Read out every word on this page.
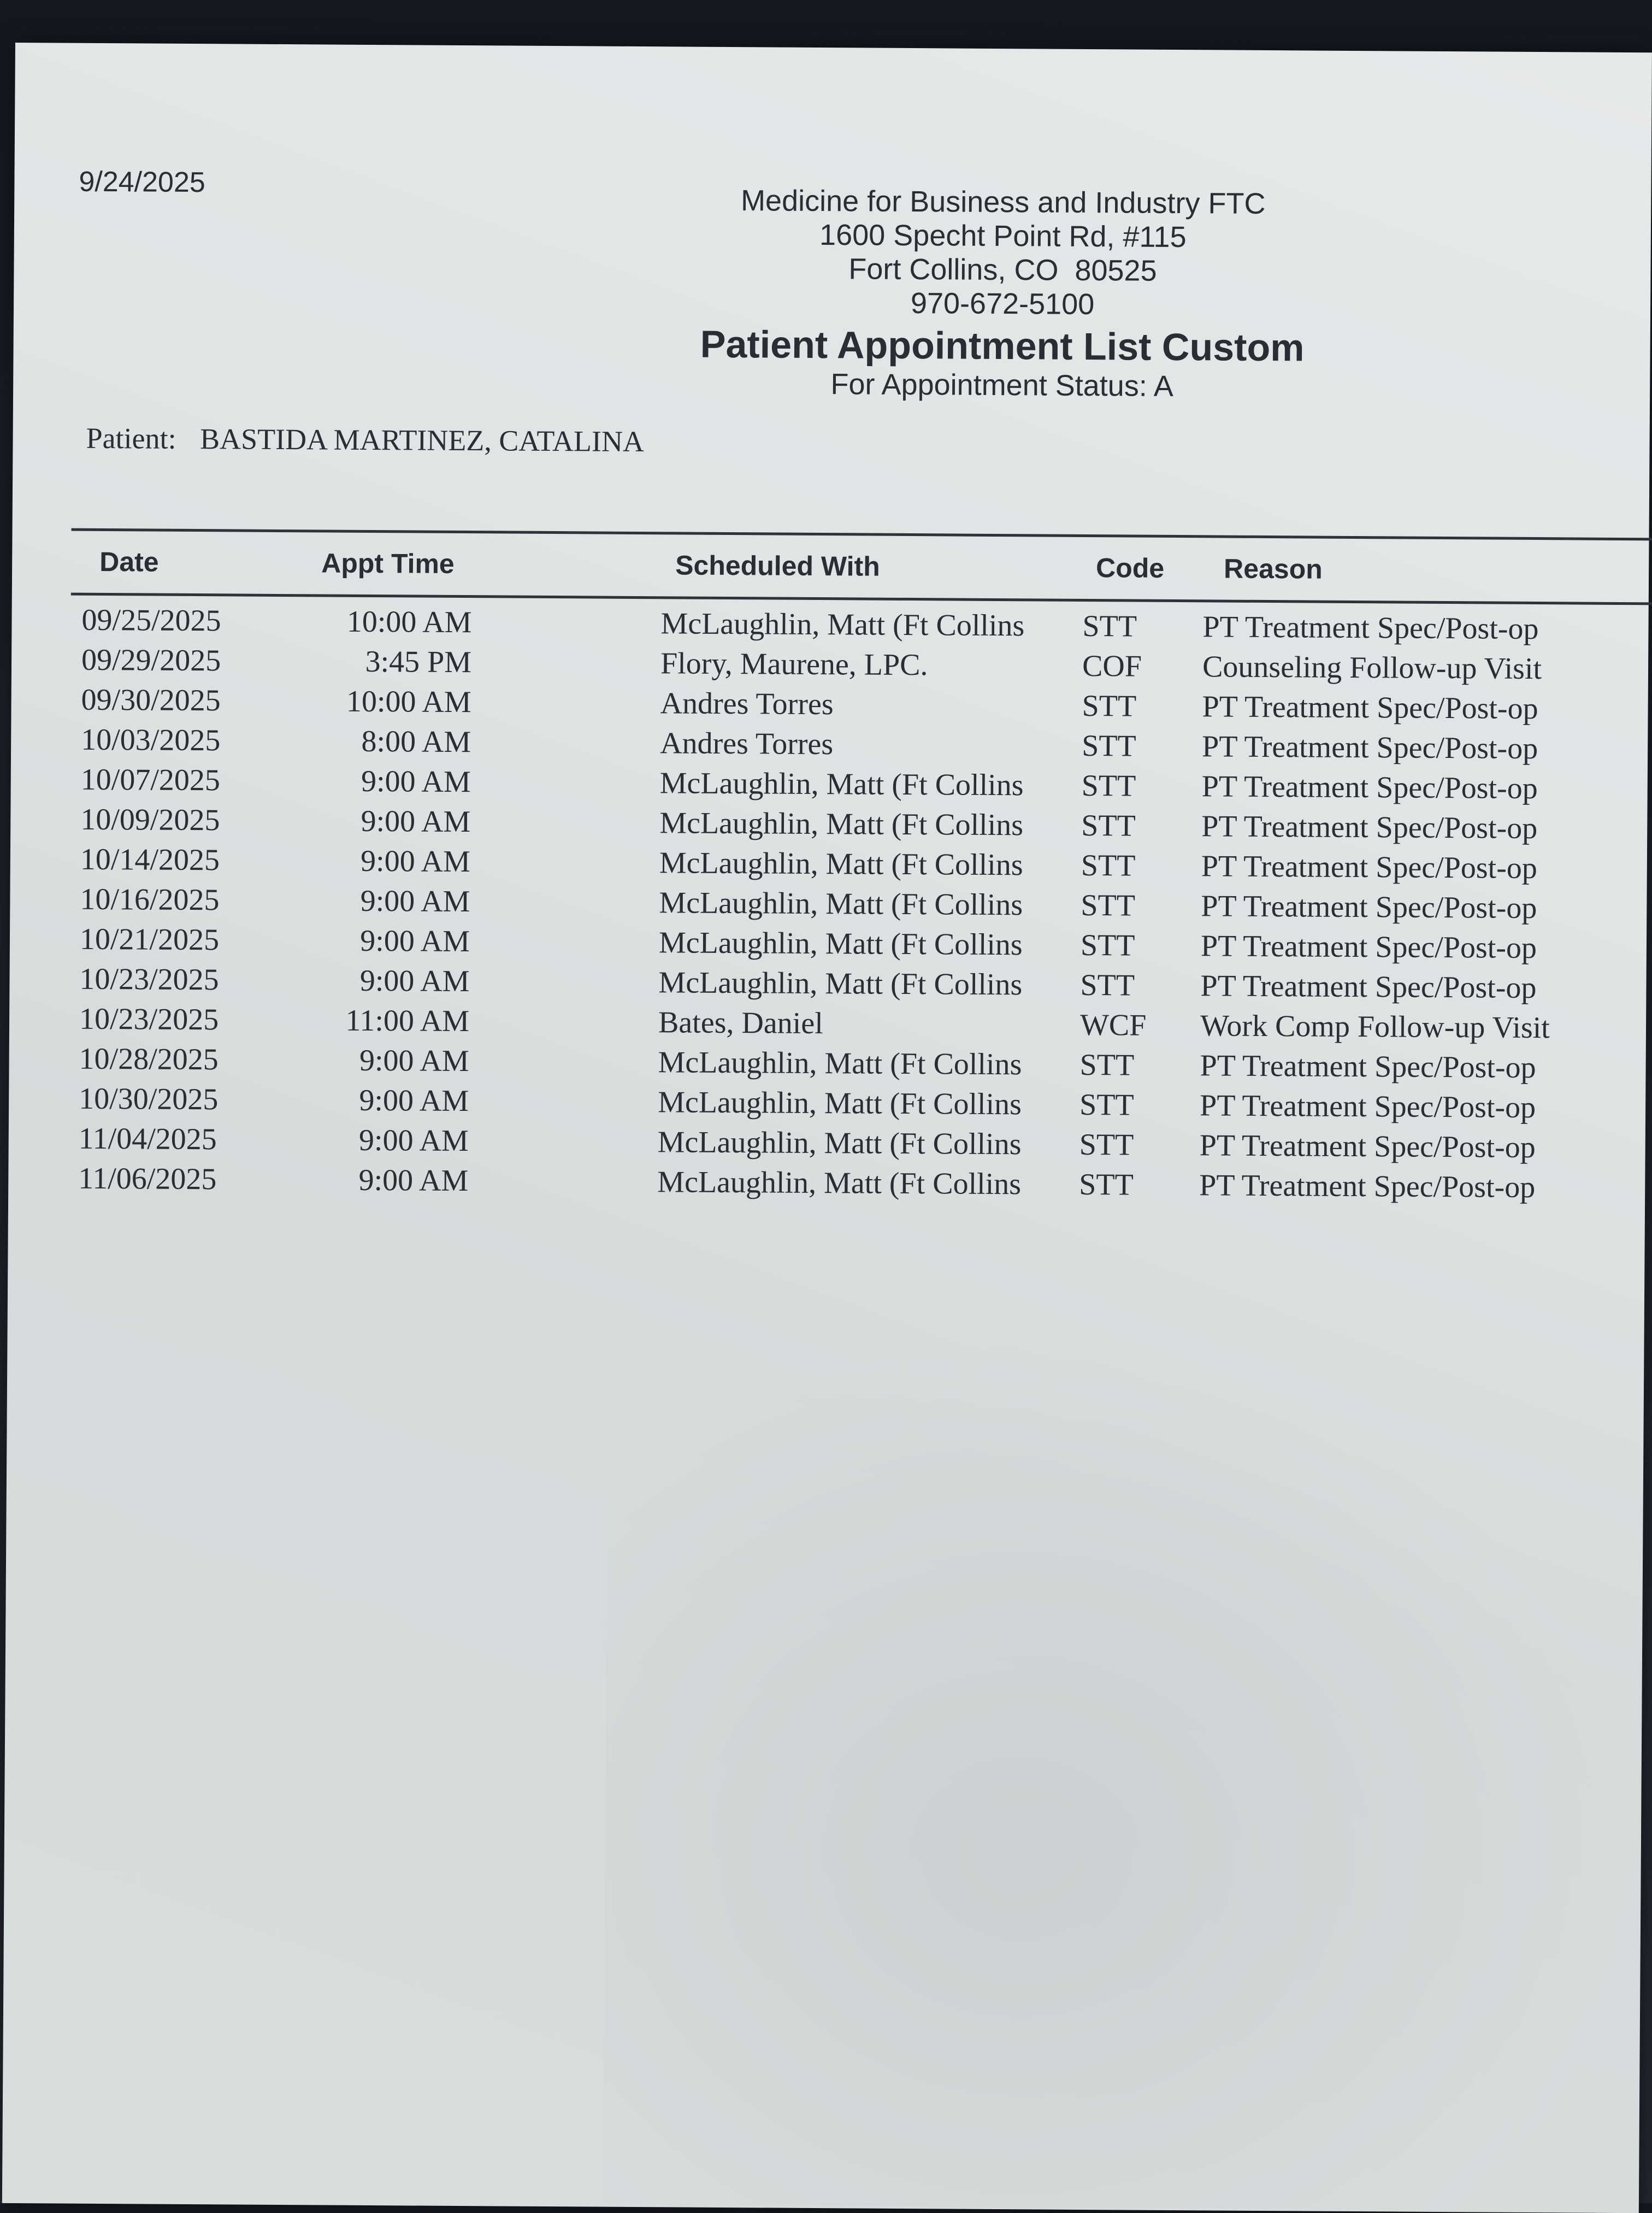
9/24/2025
Medicine for Business and Industry FTC
1600 Specht Point Rd, #115
Fort Collins, CO  80525
970-672-5100
Patient Appointment List Custom
For Appointment Status: A
Patient: BASTIDA MARTINEZ, CATALINA
Date	Appt Time	Scheduled With	Code Reason
09/25/2025	10:00 AM	McLaughlin, Matt (Ft Collins STT PT Treatment Spec/Post-op
09/29/2025	3:45 PM	Flory, Maurene, LPC.	COF Counseling Follow-up Visit
09/30/2025	10:00 AM	Andres Torres	STT PT Treatment Spec/Post-op
10/03/2025	8:00 AM	Andres Torres	STT PT Treatment Spec/Post-op
10/07/2025	9:00 AM	McLaughlin, Matt (Ft Collins STT PT Treatment Spec/Post-op
10/09/2025	9:00 AM	McLaughlin, Matt (Ft Collins STT PT Treatment Spec/Post-op
10/14/2025	9:00 AM	McLaughlin, Matt (Ft Collins STT PT Treatment Spec/Post-op
10/16/2025	9:00 AM	McLaughlin, Matt (Ft Collins STT PT Treatment Spec/Post-op
10/21/2025	9:00 AM	McLaughlin, Matt (Ft Collins STT PT Treatment Spec/Post-op
10/23/2025	9:00 AM	McLaughlin, Matt (Ft Collins STT PT Treatment Spec/Post-op
10/23/2025	11:00 AM	Bates, Daniel	WCF Work Comp Follow-up Visit
10/28/2025	9:00 AM	McLaughlin, Matt (Ft Collins STT PT Treatment Spec/Post-op
10/30/2025	9:00 AM	McLaughlin, Matt (Ft Collins STT PT Treatment Spec/Post-op
11/04/2025	9:00 AM	McLaughlin, Matt (Ft Collins STT PT Treatment Spec/Post-op
11/06/2025	9:00 AM	McLaughlin, Matt (Ft Collins STT PT Treatment Spec/Post-op
